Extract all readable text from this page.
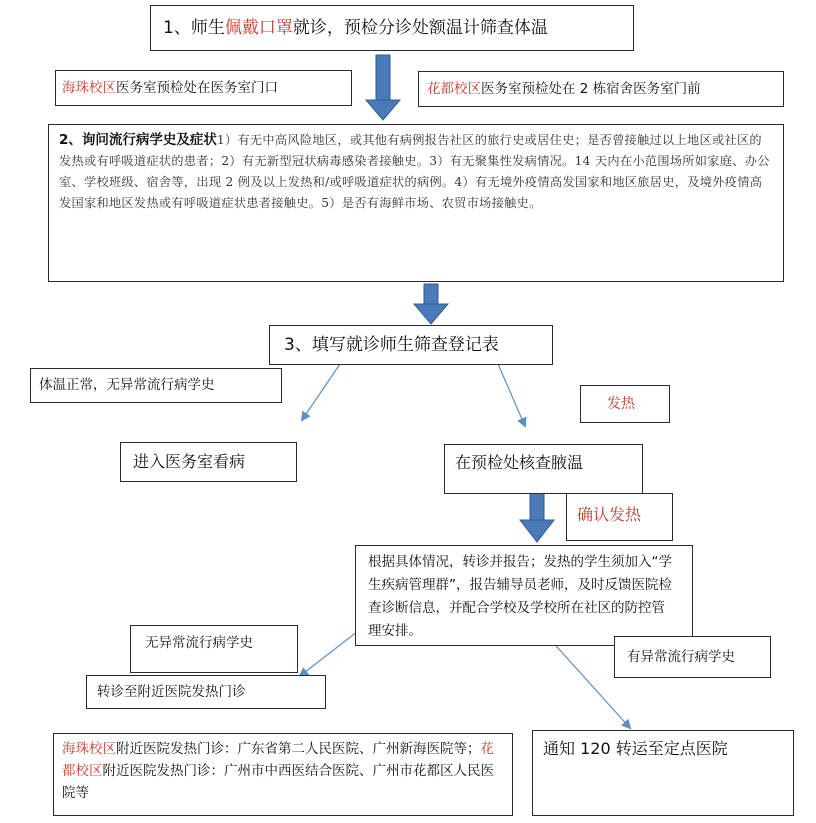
1、师生佩戴口罩就诊，预检分诊处额温计筛查体温
海珠校区医务室预检处在医务室门口	花都校区医务室预检处在 2 栋宿舍医务室门前
2、询问流行病学史及症状1）有无中高风险地区，或其他有病例报告社区的旅行史或居住史；是否曾接触过以上地区或社区的发热或有呼吸道症状的患者；2）有无新型冠状病毒感染者接触史。3）有无聚集性发病情况。14 天内在小范围场所如家庭、办公室、学校班级、宿舍等，出现 2 例及以上发热和/或呼吸道症状的病例。4）有无境外疫情高发国家和地区旅居史，及境外疫情高发国家和地区发热或有呼吸道症状患者接触史。5）是否有海鲜市场、农贸市场接触史。
3、填写就诊师生筛查登记表
体温正常，无异常流行病学史
发热
进入医务室看病	在预检处核查腋温
确认发热
根据具体情况，转诊并报告；发热的学生须加入“学生疾病管理群”，报告辅导员老师，及时反馈医院检查诊断信息，并配合学校及学校所在社区的防控管理安排。
无异常流行病学史
有异常流行病学史
转诊至附近医院发热门诊
海珠校区附近医院发热门诊：广东省第二人民医院、广州新海医院等；花都校区附近医院发热门诊：广州市中西医结合医院、广州市花都区人民医院等
通知 120 转运至定点医院
